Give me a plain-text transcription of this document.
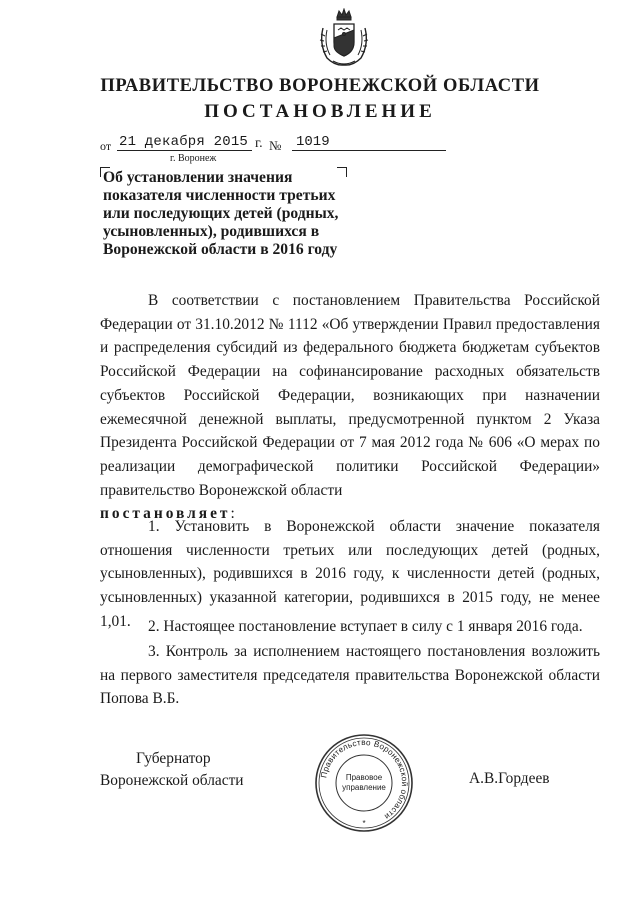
ПРАВИТЕЛЬСТВО ВОРОНЕЖСКОЙ ОБЛАСТИ
ПОСТАНОВЛЕНИЕ
от 21 декабря 2015 г. № 1019
г. Воронеж
Об установлении значения показателя численности третьих или последующих детей (родных, усыновленных), родившихся в Воронежской области в 2016 году
В соответствии с постановлением Правительства Российской Федерации от 31.10.2012 № 1112 «Об утверждении Правил предоставления и распределения субсидий из федерального бюджета бюджетам субъектов Российской Федерации на софинансирование расходных обязательств субъектов Российской Федерации, возникающих при назначении ежемесячной денежной выплаты, предусмотренной пунктом 2 Указа Президента Российской Федерации от 7 мая 2012 года № 606 «О мерах по реализации демографической политики Российской Федерации» правительство Воронежской области
постановляет:
1. Установить в Воронежской области значение показателя отношения численности третьих или последующих детей (родных, усыновленных), родившихся в 2016 году, к численности детей (родных, усыновленных) указанной категории, родившихся в 2015 году, не менее 1,01.	2. Настоящее постановление вступает в силу с 1 января 2016 года.
3. Контроль за исполнением настоящего постановления возложить на первого заместителя председателя правительства Воронежской области Попова В.Б.
Губернатор
Воронежской области	А.В.Гордеев
Правительство Воронежской области
Правовое
управление
*
